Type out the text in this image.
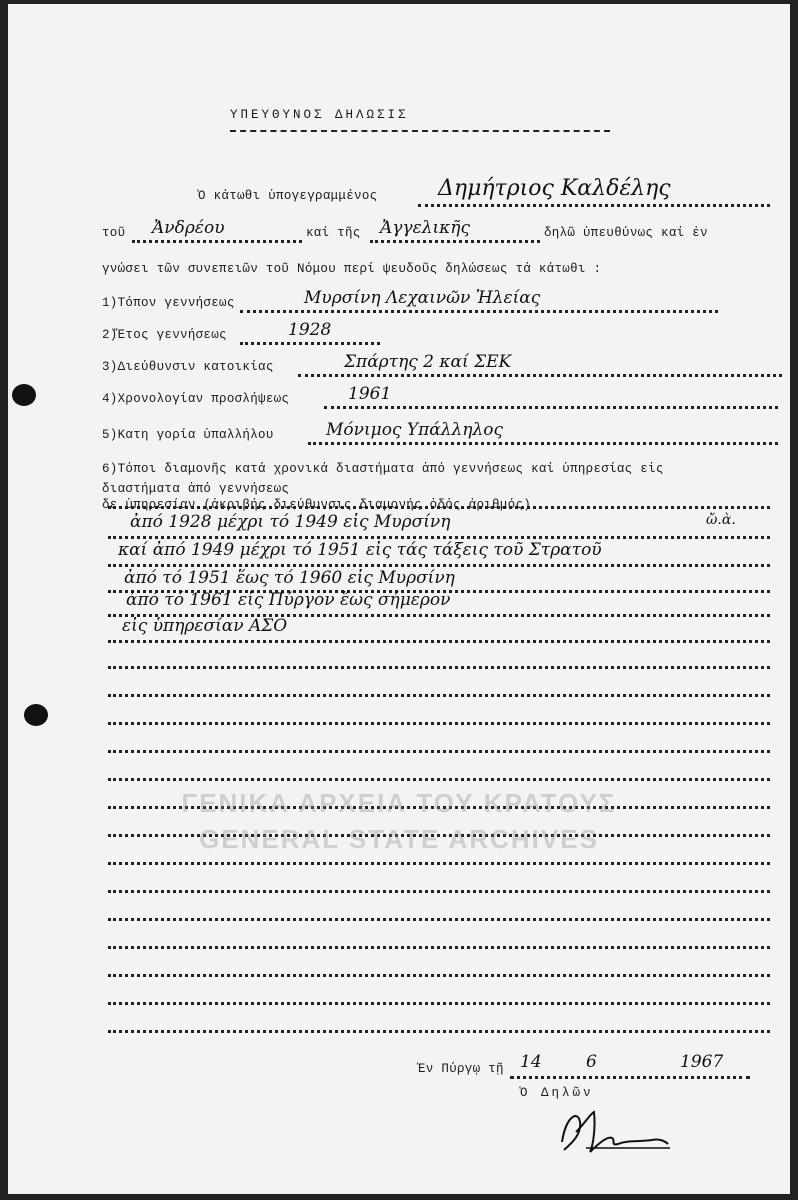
ΥΠΕΥΘΥΝΟΣ ΔΗΛΩΣΙΣ
Ὁ κάτωθι ὑπογεγραμμένος	Δημήτριος Καλδέλης
τοῦ Ἀνδρέου	καί τῆς Ἀγγελικῆς	δηλῶ ὑπευθύνως καί ἐν
γνώσει τῶν συνεπειῶν τοῦ Νόμου περί ψευδοῦς δηλώσεως τά κάτωθι :
1)Τόπον γεννήσεως	Μυρσίνη Λεχαινῶν Ἠλείας
2)Ἔτος γεννήσεως	1928
3)Διεύθυνσιν κατοικίας	Σπάρτης 2 καί ΣΕΚ
4)Χρονολογίαν προσλήψεως	1961
5)Κατη γορία ὑπαλλήλου	Μόνιμος Υπάλληλος
6)Τόποι διαμονῆς κατά χρονικά διαστήματα ἀπό γεννήσεως καί ὑπηρεσίας εἰς
διαστήματα ἀπό γεννήσεως
δε ὑπηρεσίαν (ἀκριβής διεύθυνσις διαμονής ὁδός ἀριθμός)
ἀπό 1928 μέχρι τό 1949 εἰς Μυρσίνη	ὤ.ὰ.
καί ἀπό 1949 μέχρι τό 1951 εἰς τάς τάξεις τοῦ Στρατοῦ
ἀπό τό 1951 ἕως τό 1960 εἰς Μυρσίνη
ἀπό τό 1961 εἰς Πύργον ἕως σήμερον
εἰς ὑπηρεσίαν ΑΣΟ
ΓΕΝΙΚΑ ΑΡΧΕΙΑ ΤΟΥ ΚΡΑΤΟΥΣ
GENERAL STATE ARCHIVES
Ἐν Πύργῳ τῇ 14	6	1967
Ὁ Δηλῶν
